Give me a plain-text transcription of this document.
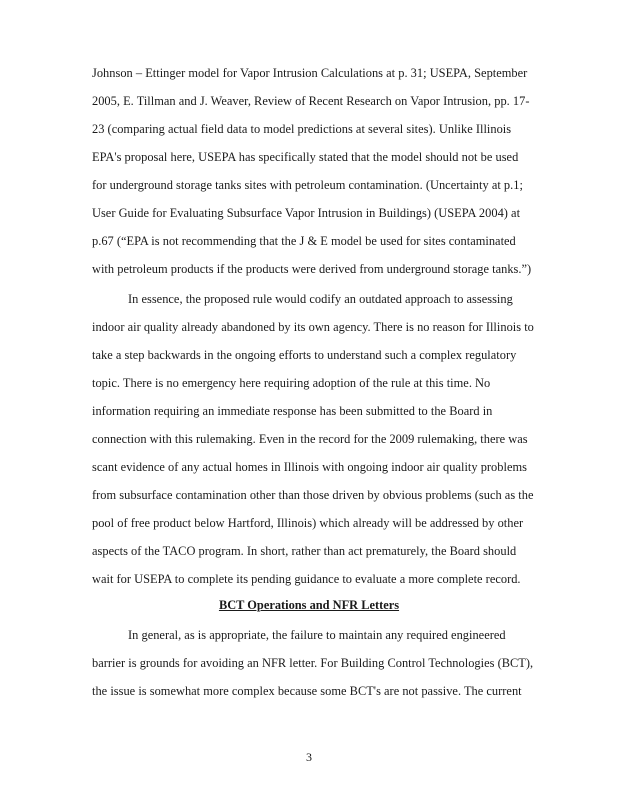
Johnson – Ettinger model for Vapor Intrusion Calculations at p. 31; USEPA, September
2005, E. Tillman and J. Weaver, Review of Recent Research on Vapor Intrusion, pp. 17-
23 (comparing actual field data to model predictions at several sites). Unlike Illinois
EPA's proposal here, USEPA has specifically stated that the model should not be used
for underground storage tanks sites with petroleum contamination. (Uncertainty at p.1;
User Guide for Evaluating Subsurface Vapor Intrusion in Buildings) (USEPA 2004) at
p.67 (“EPA is not recommending that the J & E model be used for sites contaminated
with petroleum products if the products were derived from underground storage tanks.”)
In essence, the proposed rule would codify an outdated approach to assessing
indoor air quality already abandoned by its own agency. There is no reason for Illinois to
take a step backwards in the ongoing efforts to understand such a complex regulatory
topic. There is no emergency here requiring adoption of the rule at this time. No
information requiring an immediate response has been submitted to the Board in
connection with this rulemaking. Even in the record for the 2009 rulemaking, there was
scant evidence of any actual homes in Illinois with ongoing indoor air quality problems
from subsurface contamination other than those driven by obvious problems (such as the
pool of free product below Hartford, Illinois) which already will be addressed by other
aspects of the TACO program. In short, rather than act prematurely, the Board should
wait for USEPA to complete its pending guidance to evaluate a more complete record.
BCT Operations and NFR Letters
In general, as is appropriate, the failure to maintain any required engineered
barrier is grounds for avoiding an NFR letter. For Building Control Technologies (BCT),
the issue is somewhat more complex because some BCT's are not passive. The current
3
